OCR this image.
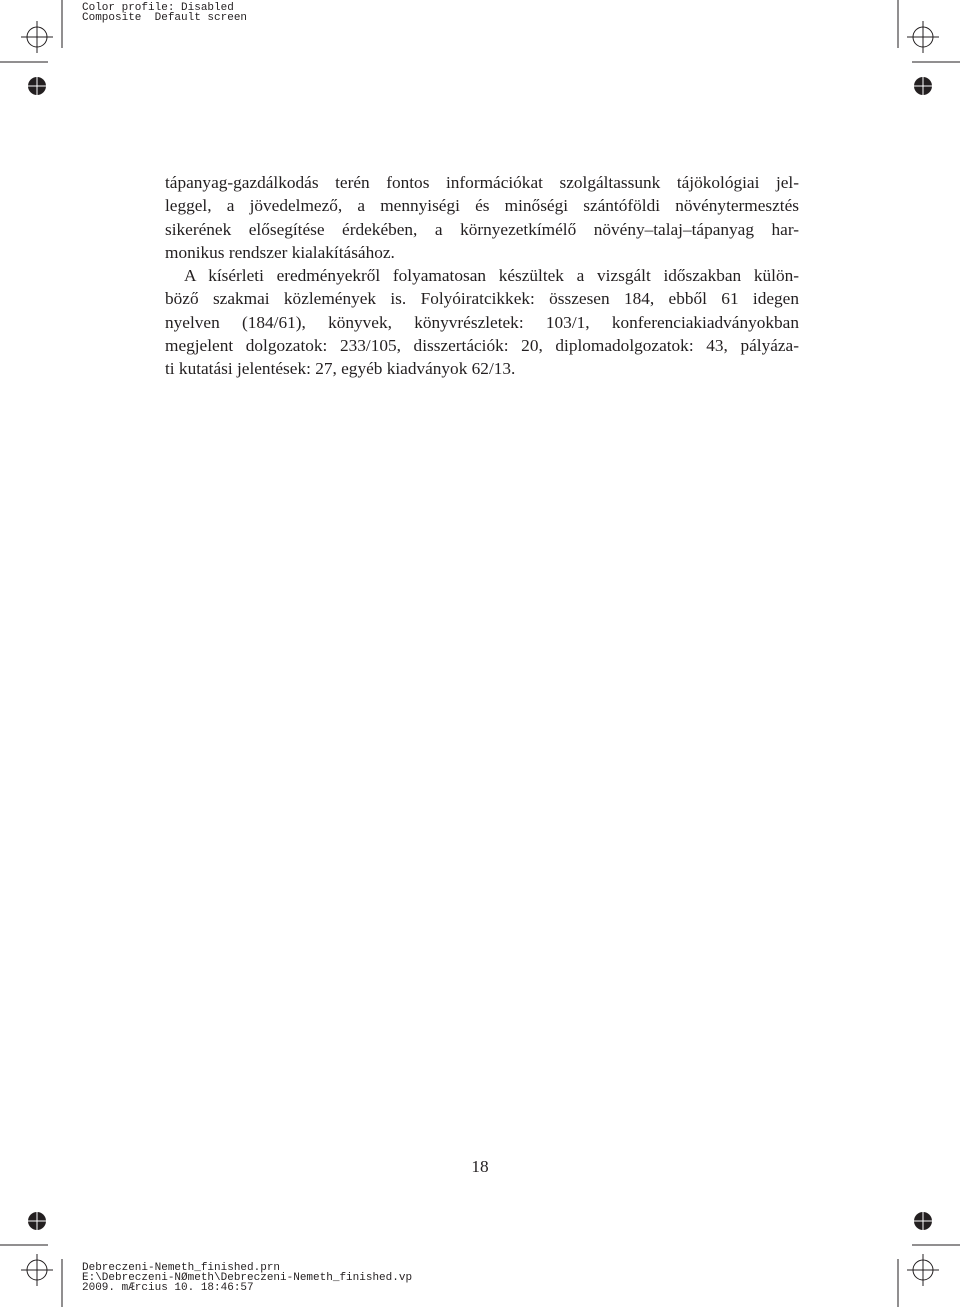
Color profile: Disabled
Composite  Default screen

tápanyag-gazdálkodás terén fontos információkat szolgáltassunk tájökológiai jel-
leggel, a jövedelmező, a mennyiségi és minőségi szántóföldi növénytermesztés
sikerének elősegítése érdekében, a környezetkímélő növény–talaj–tápanyag har-
monikus rendszer kialakításához.

A kísérleti eredményekről folyamatosan készültek a vizsgált időszakban külön-
böző szakmai közlemények is. Folyóiratcikkek: összesen 184, ebből 61 idegen
nyelven (184/61), könyvek, könyvrészletek: 103/1, konferenciakiadványokban
megjelent dolgozatok: 233/105, disszertációk: 20, diplomadolgozatok: 43, pályáza-
ti kutatási jelentések: 27, egyéb kiadványok 62/13.

18
Debreczeni-Nemeth_finished.prn
E:\Debreczeni-NØmeth\Debreczeni-Nemeth_finished.vp
2009. mÆrcius 10. 18:46:57
